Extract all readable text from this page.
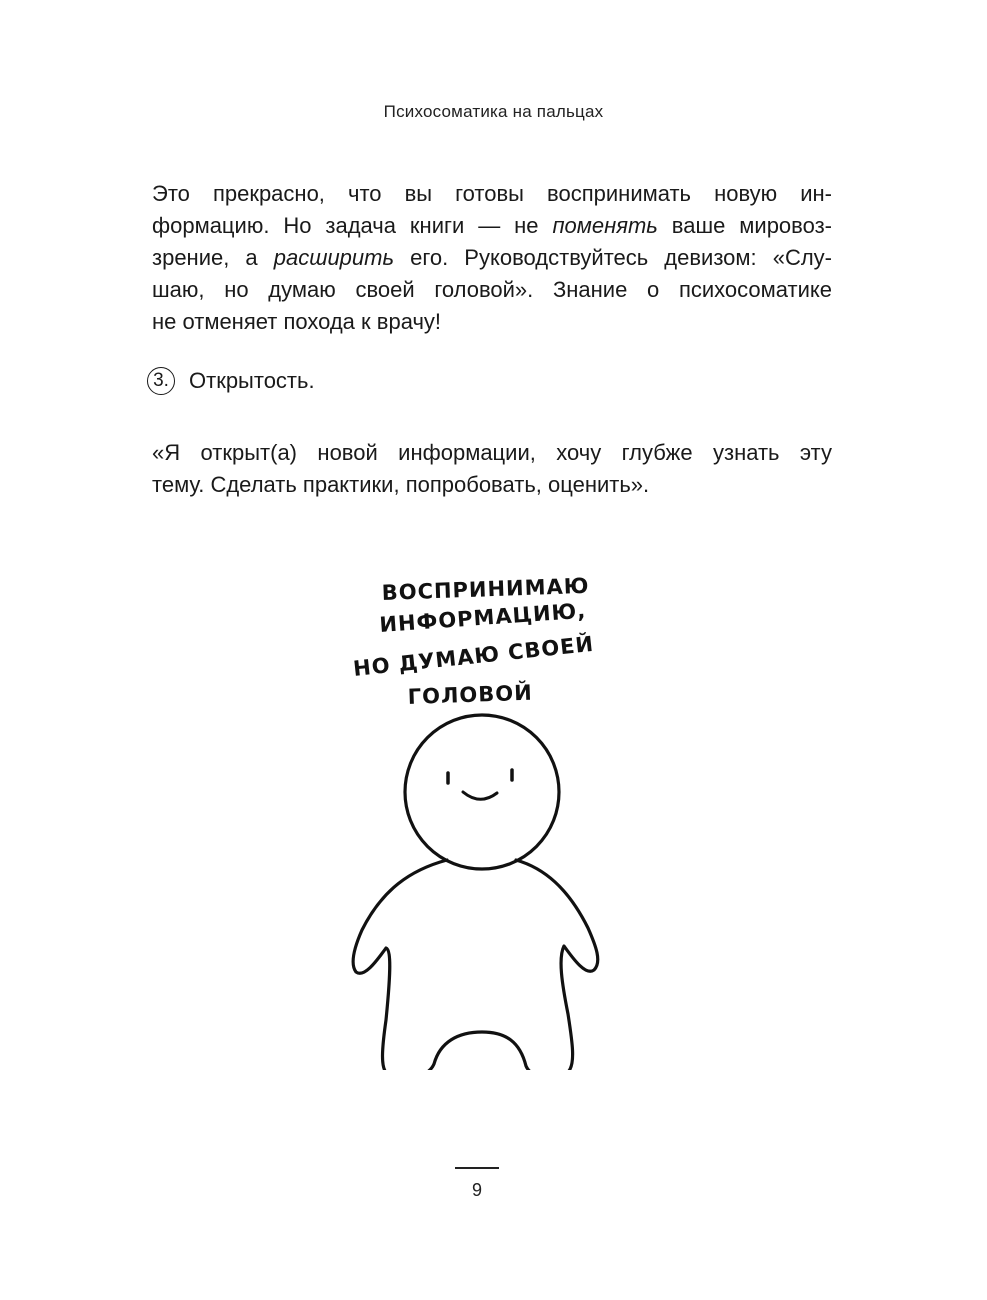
Психосоматика на пальцах
Это прекрасно, что вы готовы воспринимать новую ин-
формацию. Но задача книги — не поменять ваше мировоз-
зрение, а расширить его. Руководствуйтесь девизом: «Слу-
шаю, но думаю своей головой». Знание о психосоматике
не отменяет похода к врачу!
3. Открытость.
«Я открыт(а) новой информации, хочу глубже узнать эту
тему. Сделать практики, попробовать, оценить».
ВОСПРИНИМАЮ
ИНФОРМАЦИЮ,
НО ДУМАЮ СВОЕЙ
ГОЛОВОЙ
9
